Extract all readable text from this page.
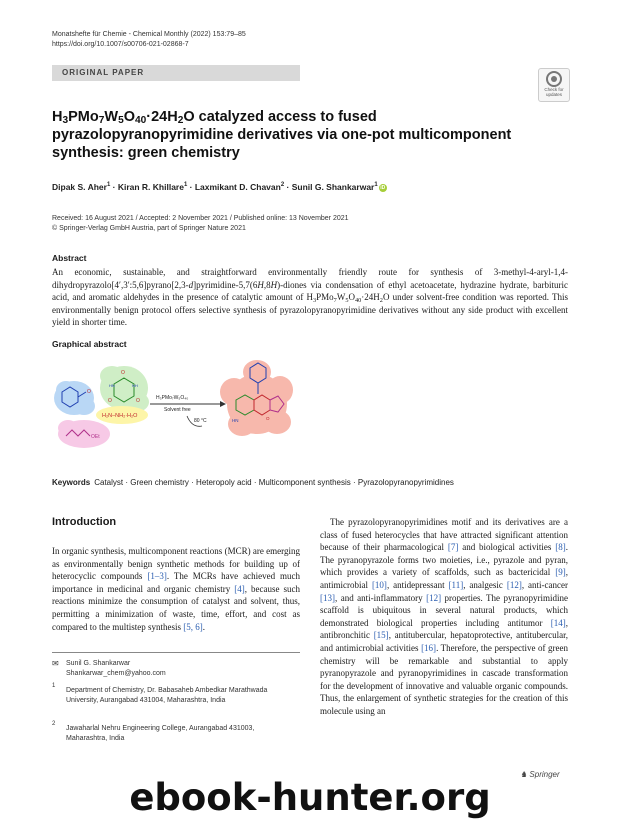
Monatshefte für Chemie - Chemical Monthly (2022) 153:79–85
https://doi.org/10.1007/s00706-021-02868-7
ORIGINAL PAPER
Check for
updates
$H_3PMo_7W_5O_{40}\cdot 24H_2O$ catalyzed access to fused pyrazolopyranopyrimidine derivatives via one-pot multicomponent synthesis: green chemistry
Dipak S. Aher$^1$ · Kiran R. Khillare$^1$ · Laxmikant D. Chavan$^2$ · Sunil G. Shankarwar$^1$ iD
Received: 16 August 2021 / Accepted: 2 November 2021 / Published online: 13 November 2021
© Springer-Verlag GmbH Austria, part of Springer Nature 2021
Abstract
An economic, sustainable, and straightforward environmentally friendly route for synthesis of 3-methyl-4-aryl-1,4-dihydropyrazolo[4′,3′:5,6]pyrano[2,3-d]pyrimidine-5,7(6H,8H)-diones via condensation of ethyl acetoacetate, hydrazine hydrate, barbituric acid, and aromatic aldehydes in the presence of catalytic amount of $H_3PMo_7W_5O_{40}\cdot 24H_2O$ under solvent-free condition was reported. This environmentally benign protocol offers selective synthesis of pyrazolopyranopyrimidine derivatives without any side product with excellent yield in shorter time.
Graphical abstract
O
O
O	O
HN	NH
H₂N–NH₂·H₂O
OEt
H₃PMo₇W₅O₄₀
Solvent free
80 °C	HN	O
Keywords Catalyst · Green chemistry · Heteropoly acid · Multicomponent synthesis · Pyrazolopyranopyrimidines
Introduction
In organic synthesis, multicomponent reactions (MCR) are emerging as environmentally benign synthetic methods for building up of heterocyclic compounds [1–3]. The MCRs have achieved much importance in medicinal and organic chemistry [4], because such reactions minimize the consumption of catalyst and solvent, thus, permitting a minimization of waste, time, effort, and cost as compared to the multistep synthesis [5, 6].
The pyrazolopyranopyrimidines motif and its derivatives are a class of fused heterocycles that have attracted significant attention because of their pharmacological [7] and biological activities [8]. The pyranopyrazole forms two moieties, i.e., pyrazole and pyran, which provides a variety of scaffolds, such as bactericidal [9], antimicrobial [10], antidepressant [11], analgesic [12], anti-cancer [13], and anti-inflammatory [12] properties. The pyranopyrimidine scaffold is ubiquitous in several natural products, which demonstrated biological properties including antitumor [14], antibronchitic [15], antitubercular, hepatoprotective, antitubercular, and antimicrobial activities [16]. Therefore, the perspective of green chemistry will be remarkable and substantial to apply pyranopyrazole and pyranopyrimidines in cascade transformation for the development of innovative and valuable organic compounds. Thus, the enlargement of synthetic strategies for the creation of this molecule using an
✉ Sunil G. Shankarwar
Shankarwar_chem@yahoo.com
1
Department of Chemistry, Dr. Babasaheb Ambedkar Marathwada University, Aurangabad 431004, Maharashtra, India
2
Jawaharlal Nehru Engineering College, Aurangabad 431003, Maharashtra, India
♞ Springer
ebook-hunter.org
